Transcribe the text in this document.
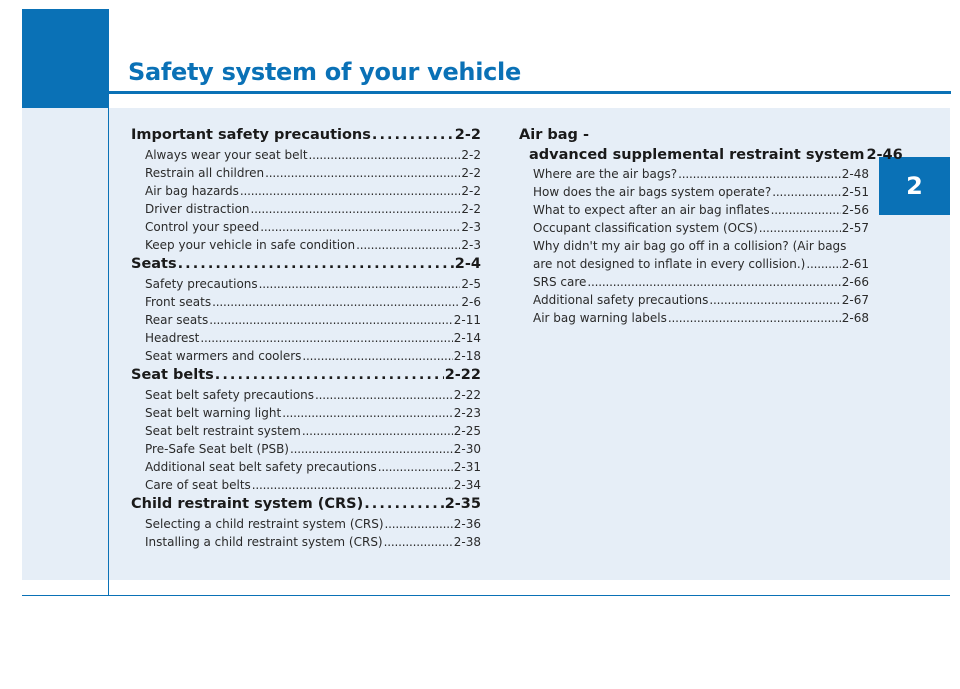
Safety system of your vehicle
2
Important safety precautions . . .	2-2
Always wear your seat belt . . .	2-2
Restrain all children . . .	2-2
Air bag hazards . . .	2-2
Driver distraction . . .	2-2
Control your speed . . .	2-3
Keep your vehicle in safe condition . . .	2-3
Seats . . .	2-4
Safety precautions . . .	2-5
Front seats . . .	2-6
Rear seats . . .	2-11
Headrest . . .	2-14
Seat warmers and coolers . . .	2-18
Seat belts . . .	2-22
Seat belt safety precautions . . .	2-22
Seat belt warning light . . .	2-23
Seat belt restraint system . . .	2-25
Pre-Safe Seat belt (PSB) . . .	2-30
Additional seat belt safety precautions . . .	2-31
Care of seat belts . . .	2-34
Child restraint system (CRS) . . .	2-35
Selecting a child restraint system (CRS) . . .	2-36
Installing a child restraint system (CRS) . . .	2-38
Air bag -
advanced supplemental restraint system 2-46
Where are the air bags? . . .	2-48
How does the air bags system operate? . . .	2-51
What to expect after an air bag inflates . . .	2-56
Occupant classification system (OCS) . . .	2-57
Why didn't my air bag go off in a collision? (Air bags
are not designed to inflate in every collision.) . . .	2-61
SRS care . . .	2-66
Additional safety precautions . . .	2-67
Air bag warning labels . . .	2-68
